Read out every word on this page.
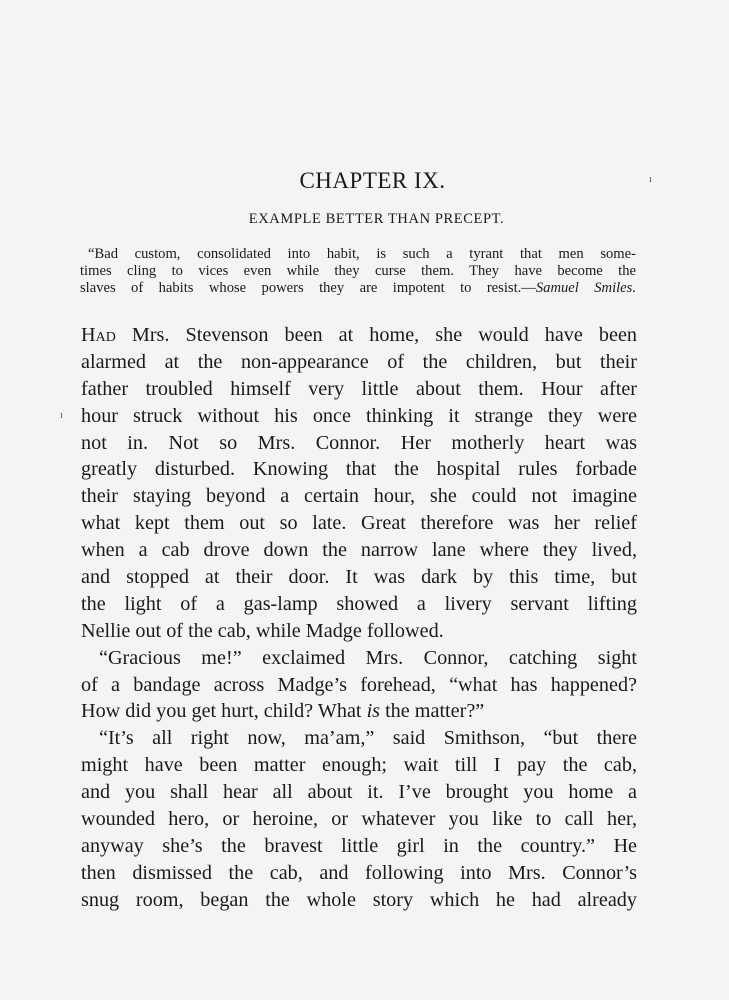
CHAPTER IX.
EXAMPLE BETTER THAN PRECEPT.
“Bad custom, consolidated into habit, is such a tyrant that men some-
times cling to vices even while they curse them. They have become the
slaves of habits whose powers they are impotent to resist.—Samuel Smiles.
Had Mrs. Stevenson been at home, she would have been
alarmed at the non-appearance of the children, but their
father troubled himself very little about them. Hour after
hour struck without his once thinking it strange they were
not in. Not so Mrs. Connor. Her motherly heart was
greatly disturbed. Knowing that the hospital rules forbade
their staying beyond a certain hour, she could not imagine
what kept them out so late. Great therefore was her relief
when a cab drove down the narrow lane where they lived,
and stopped at their door. It was dark by this time, but
the light of a gas-lamp showed a livery servant lifting
Nellie out of the cab, while Madge followed.
“Gracious me!” exclaimed Mrs. Connor, catching sight
of a bandage across Madge’s forehead, “what has happened?
How did you get hurt, child? What is the matter?”
“It’s all right now, ma’am,” said Smithson, “but there
might have been matter enough; wait till I pay the cab,
and you shall hear all about it. I’ve brought you home a
wounded hero, or heroine, or whatever you like to call her,
anyway she’s the bravest little girl in the country.” He
then dismissed the cab, and following into Mrs. Connor’s
snug room, began the whole story which he had already
ı
ı
